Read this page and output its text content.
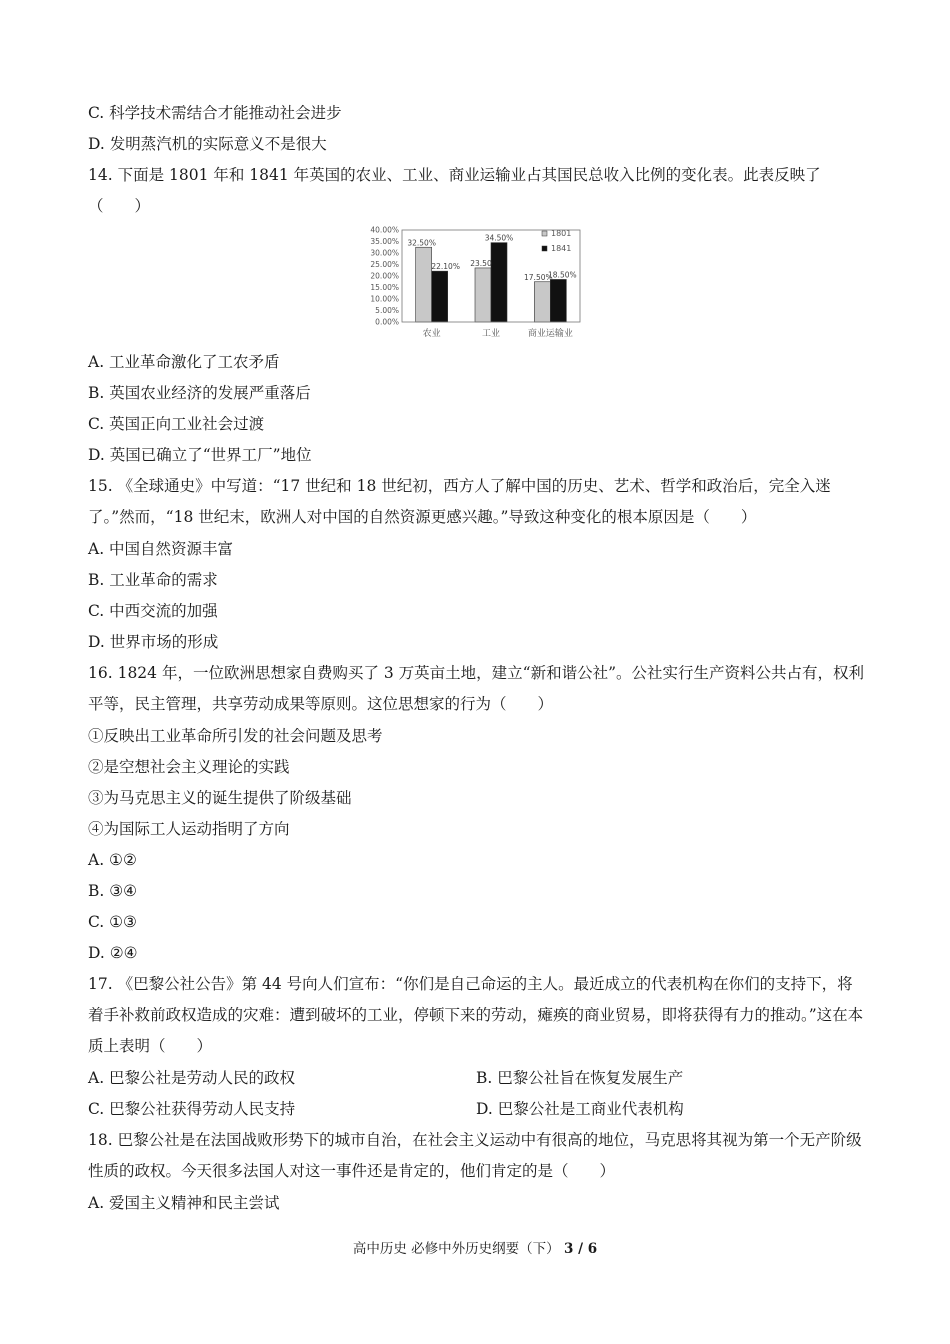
C. 科学技术需结合才能推动社会进步
D. 发明蒸汽机的实际意义不是很大
14. 下面是 1801 年和 1841 年英国的农业、工业、商业运输业占其国民总收入比例的变化表。此表反映了（　　）
0.00%
5.00%
10.00%
15.00%
20.00%
25.00%
30.00%
35.00%
40.00%
32.50%
22.10% 23.50
34.50%
17.50%
18.50%
农业	工业	商业运输业
1801
1841
A. 工业革命激化了工农矛盾
B. 英国农业经济的发展严重落后
C. 英国正向工业社会过渡
D. 英国已确立了“世界工厂”地位
15. 《全球通史》中写道：“17 世纪和 18 世纪初，西方人了解中国的历史、艺术、哲学和政治后，完全入迷了。”然而，“18 世纪末，欧洲人对中国的自然资源更感兴趣。”导致这种变化的根本原因是（　　）
A. 中国自然资源丰富
B. 工业革命的需求
C. 中西交流的加强
D. 世界市场的形成
16. 1824 年，一位欧洲思想家自费购买了 3 万英亩土地，建立“新和谐公社”。公社实行生产资料公共占有，权利平等，民主管理，共享劳动成果等原则。这位思想家的行为（　　）
①反映出工业革命所引发的社会问题及思考
②是空想社会主义理论的实践
③为马克思主义的诞生提供了阶级基础
④为国际工人运动指明了方向
A. ①②
B. ③④
C. ①③
D. ②④
17. 《巴黎公社公告》第 44 号向人们宣布：“你们是自己命运的主人。最近成立的代表机构在你们的支持下，将着手补救前政权造成的灾难：遭到破坏的工业，停顿下来的劳动，瘫痪的商业贸易，即将获得有力的推动。”这在本质上表明（　　）
A. 巴黎公社是劳动人民的政权	B. 巴黎公社旨在恢复发展生产
C. 巴黎公社获得劳动人民支持	D. 巴黎公社是工商业代表机构
18. 巴黎公社是在法国战败形势下的城市自治，在社会主义运动中有很高的地位，马克思将其视为第一个无产阶级性质的政权。今天很多法国人对这一事件还是肯定的，他们肯定的是（　　）
A. 爱国主义精神和民主尝试
高中历史 必修中外历史纲要（下） 3 / 6
